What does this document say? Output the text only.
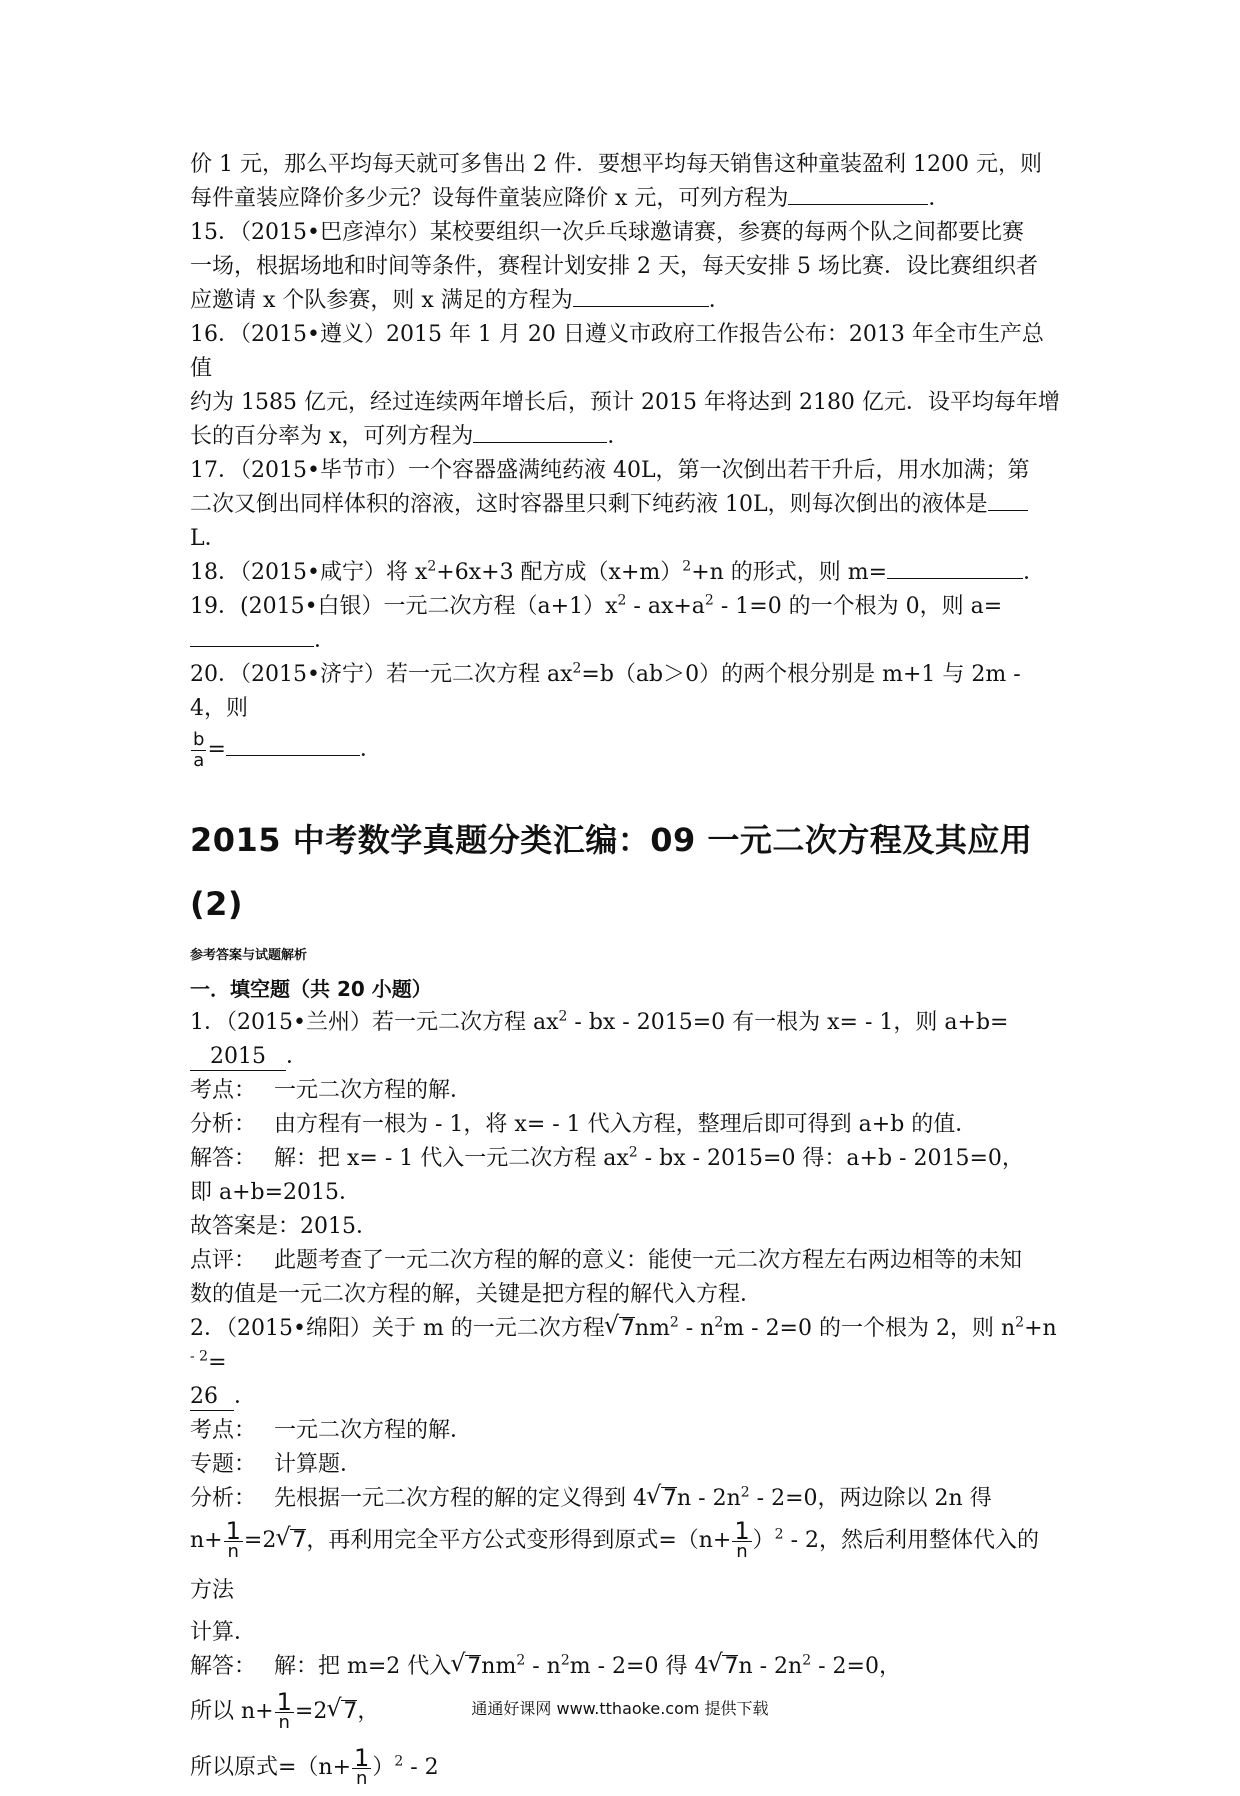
价 1 元，那么平均每天就可多售出 2 件．要想平均每天销售这种童装盈利 1200 元，则

每件童装应降价多少元？设每件童装应降价 x 元，可列方程为	．

15．（2015•巴彦淖尔）某校要组织一次乒乓球邀请赛，参赛的每两个队之间都要比赛

一场，根据场地和时间等条件，赛程计划安排 2 天，每天安排 5 场比赛．设比赛组织者

应邀请 x 个队参赛，则 x 满足的方程为	．

16．（2015•遵义）2015 年 1 月 20 日遵义市政府工作报告公布：2013 年全市生产总值

约为 1585 亿元，经过连续两年增长后，预计 2015 年将达到 2180 亿元．设平均每年增

长的百分率为 x，可列方程为	．

17．（2015•毕节市）一个容器盛满纯药液 40L，第一次倒出若干升后，用水加满；第

二次又倒出同样体积的溶液，这时容器里只剩下纯药液 10L，则每次倒出的液体是

L．

18．（2015•咸宁）将 $x^2+6x+3$ 配方成$(x+m)^2+n$ 的形式，则 m=	．

19．(2015•白银）一元二次方程$(a+1)x^2 - ax+a^2 - 1=0$ 的一个根为 0，则 a=．

20．（2015•济宁）若一元二次方程 $ax^2=b(ab>0)$的两个根分别是 m+1 与 2m - 4，则

$\frac{b}{a}$ =	．

2015 中考数学真题分类汇编：09 一元二次方程及其应用
(2)
参考答案与试题解析
一．填空题（共 20 小题）

1．（2015•兰州）若一元二次方程 $ax^2$ - bx - 2015=0 有一根为 x= - 1，则 a+b=2015 ．

考点： 一元二次方程的解．

分析： 由方程有一根为 - 1，将 x= - 1 代入方程，整理后即可得到 a+b 的值．

解答： 解：把 x= - 1 代入一元二次方程 $ax^2$ - bx - 2015=0 得：a+b - 2015=0，

即 a+b=2015．

故答案是：2015．

点评： 此题考查了一元二次方程的解的意义：能使一元二次方程左右两边相等的未知

数的值是一元二次方程的解，关键是把方程的解代入方程．

2．（2015•绵阳）关于 m 的一元二次方程√ $7nm^2 - n^2m - 2=0$ 的一个根为 2，则 $n^2+n$ $^{- 2}$=

26 ．

考点： 一元二次方程的解．

专题： 计算题．

分析： 先根据一元二次方程的解的定义得到 4√ $7n - 2n^2 - 2=0$，两边除以 2n 得

$n+ \frac{1}{n} =2√$ 7，再利用完全平方公式变形得到原式$=(n+ \frac{1}{n} )^2 - 2$，然后利用整体代入的方法

计算．

解答： 解：把 m=2 代入√ $7nm^2 - n^2m - 2=0$ 得 4√ $7n - 2n^2 - 2=0$，

所以 $n+ \frac{1}{n} =2√$ 7，

所以原式$=(n+ \frac{1}{n} )^2 - 2$

通通好课网 www.tthaoke.com 提供下载
